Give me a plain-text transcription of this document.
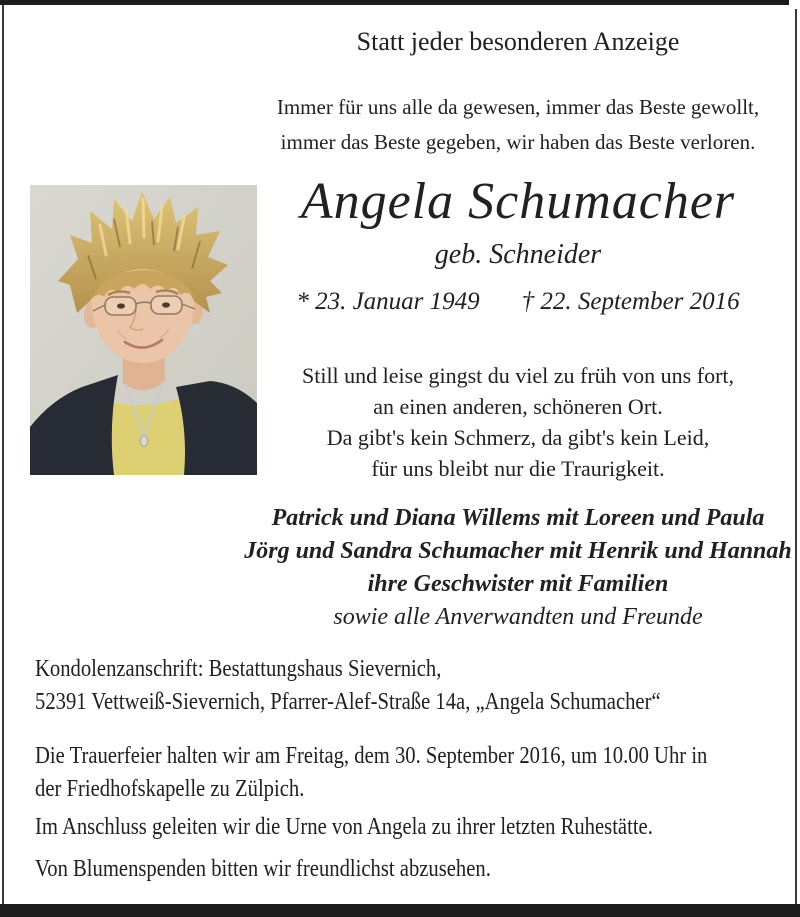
Statt jeder besonderen Anzeige
Immer für uns alle da gewesen, immer das Beste gewollt,
immer das Beste gegeben, wir haben das Beste verloren.
Angela Schumacher
geb. Schneider
* 23. Januar 1949 † 22. September 2016
Still und leise gingst du viel zu früh von uns fort,
an einen anderen, schöneren Ort.
Da gibt's kein Schmerz, da gibt's kein Leid,
für uns bleibt nur die Traurigkeit.
Patrick und Diana Willems mit Loreen und Paula
Jörg und Sandra Schumacher mit Henrik und Hannah
ihre Geschwister mit Familien
sowie alle Anverwandten und Freunde
Kondolenzanschrift: Bestattungshaus Sievernich,
52391 Vettweiß-Sievernich, Pfarrer-Alef-Straße 14a, „Angela Schumacher“
Die Trauerfeier halten wir am Freitag, dem 30. September 2016, um 10.00 Uhr in
der Friedhofskapelle zu Zülpich.
Im Anschluss geleiten wir die Urne von Angela zu ihrer letzten Ruhestätte.
Von Blumenspenden bitten wir freundlichst abzusehen.
